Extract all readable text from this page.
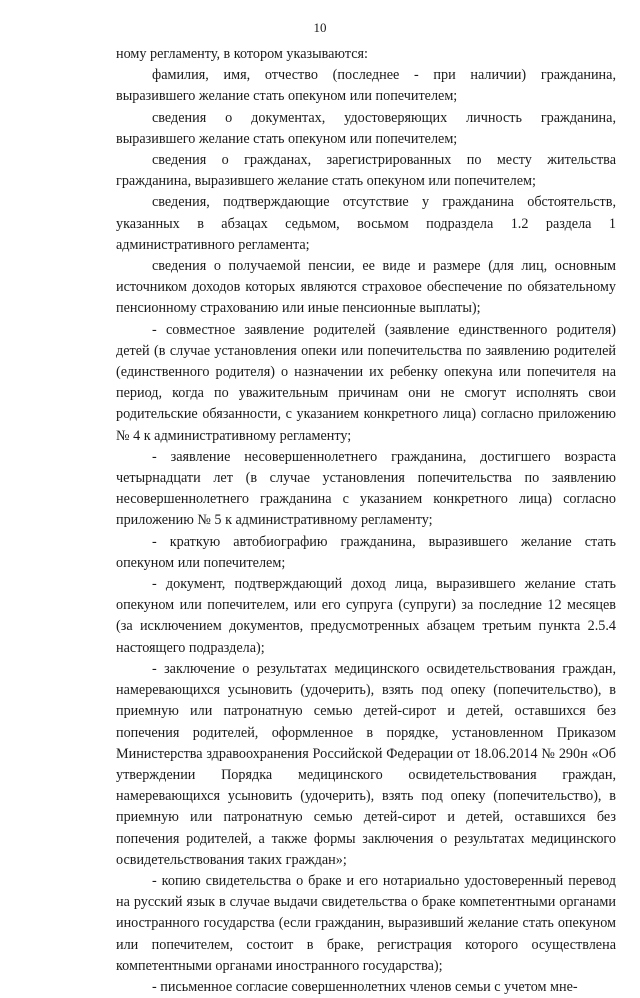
10

ному регламенту, в котором указываются:

фамилия, имя, отчество (последнее - при наличии) гражданина, выразившего желание стать опекуном или попечителем;

сведения о документах, удостоверяющих личность гражданина, выразившего желание стать опекуном или попечителем;

сведения о гражданах, зарегистрированных по месту жительства гражданина, выразившего желание стать опекуном или попечителем;

сведения, подтверждающие отсутствие у гражданина обстоятельств, указанных в абзацах седьмом, восьмом подраздела 1.2 раздела 1 административного регламента;

сведения о получаемой пенсии, ее виде и размере (для лиц, основным источником доходов которых являются страховое обеспечение по обязательному пенсионному страхованию или иные пенсионные выплаты);

- совместное заявление родителей (заявление единственного родителя) детей (в случае установления опеки или попечительства по заявлению родителей (единственного родителя) о назначении их ребенку опекуна или попечителя на период, когда по уважительным причинам они не смогут исполнять свои родительские обязанности, с указанием конкретного лица) согласно приложению № 4 к административному регламенту;

- заявление несовершеннолетнего гражданина, достигшего возраста четырнадцати лет (в случае установления попечительства по заявлению несовершеннолетнего гражданина с указанием конкретного лица) согласно приложению № 5 к административному регламенту;

- краткую автобиографию гражданина, выразившего желание стать опекуном или попечителем;

- документ, подтверждающий доход лица, выразившего желание стать опекуном или попечителем, или его супруга (супруги) за последние 12 месяцев (за исключением документов, предусмотренных абзацем третьим пункта 2.5.4 настоящего подраздела);

- заключение о результатах медицинского освидетельствования граждан, намеревающихся усыновить (удочерить), взять под опеку (попечительство), в приемную или патронатную семью детей-сирот и детей, оставшихся без попечения родителей, оформленное в порядке, установленном Приказом Министерства здравоохранения Российской Федерации от 18.06.2014 № 290н «Об утверждении Порядка медицинского освидетельствования граждан, намеревающихся усыновить (удочерить), взять под опеку (попечительство), в приемную или патронатную семью детей-сирот и детей, оставшихся без попечения родителей, а также формы заключения о результатах медицинского освидетельствования таких граждан»;

- копию свидетельства о браке и его нотариально удостоверенный перевод на русский язык в случае выдачи свидетельства о браке компетентными органами иностранного государства (если гражданин, выразивший желание стать опекуном или попечителем, состоит в браке, регистрация которого осуществлена компетентными органами иностранного государства);

- письменное согласие совершеннолетних членов семьи с учетом мне-
